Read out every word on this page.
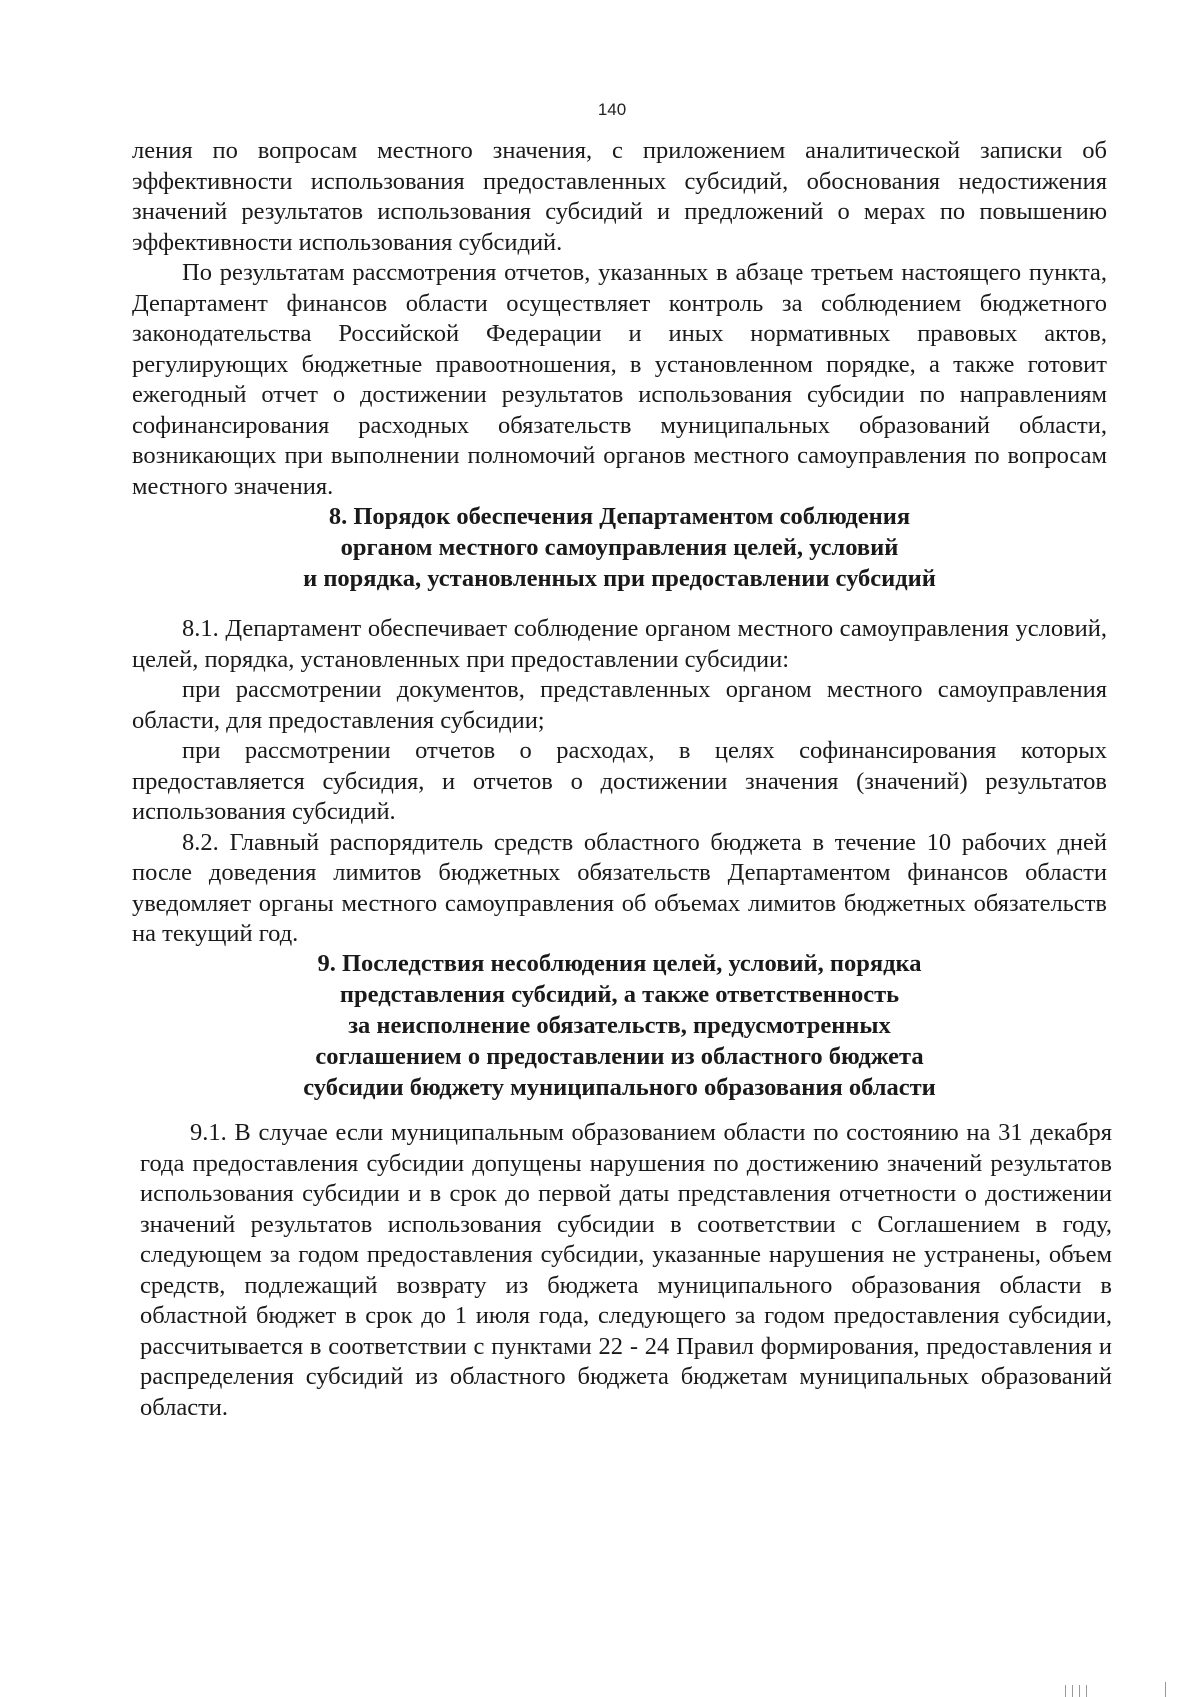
140

ления по вопросам местного значения, с приложением аналитической записки об эффективности использования предоставленных субсидий, обоснования недостижения значений результатов использования субсидий и предложений о мерах по повышению эффективности использования субсидий.

По результатам рассмотрения отчетов, указанных в абзаце третьем настоящего пункта, Департамент финансов области осуществляет контроль за соблюдением бюджетного законодательства Российской Федерации и иных нормативных правовых актов, регулирующих бюджетные правоотношения, в установленном порядке, а также готовит ежегодный отчет о достижении результатов использования субсидии по направлениям софинансирования расходных обязательств муниципальных образований области, возникающих при выполнении полномочий органов местного самоуправления по вопросам местного значения.

8. Порядок обеспечения Департаментом соблюдения
органом местного самоуправления целей, условий
и порядка, установленных при предоставлении субсидий

8.1. Департамент обеспечивает соблюдение органом местного самоуправления условий, целей, порядка, установленных при предоставлении субсидии:

при рассмотрении документов, представленных органом местного самоуправления области, для предоставления субсидии;

при рассмотрении отчетов о расходах, в целях софинансирования которых предоставляется субсидия, и отчетов о достижении значения (значений) результатов использования субсидий.

8.2. Главный распорядитель средств областного бюджета в течение 10 рабочих дней после доведения лимитов бюджетных обязательств Департаментом финансов области уведомляет органы местного самоуправления об объемах лимитов бюджетных обязательств на текущий год.

9. Последствия несоблюдения целей, условий, порядка
представления субсидий, а также ответственность
за неисполнение обязательств, предусмотренных
соглашением о предоставлении из областного бюджета
субсидии бюджету муниципального образования области

9.1. В случае если муниципальным образованием области по состоянию на 31 декабря года предоставления субсидии допущены нарушения по достижению значений результатов использования субсидии и в срок до первой даты представления отчетности о достижении значений результатов использования субсидии в соответствии с Соглашением в году, следующем за годом предоставления субсидии, указанные нарушения не устранены, объем средств, подлежащий возврату из бюджета муниципального образования области в областной бюджет в срок до 1 июля года, следующего за годом предоставления субсидии, рассчитывается в соответствии с пунктами 22 - 24 Правил формирования, предоставления и распределения субсидий из областного бюджета бюджетам муниципальных образований области.
